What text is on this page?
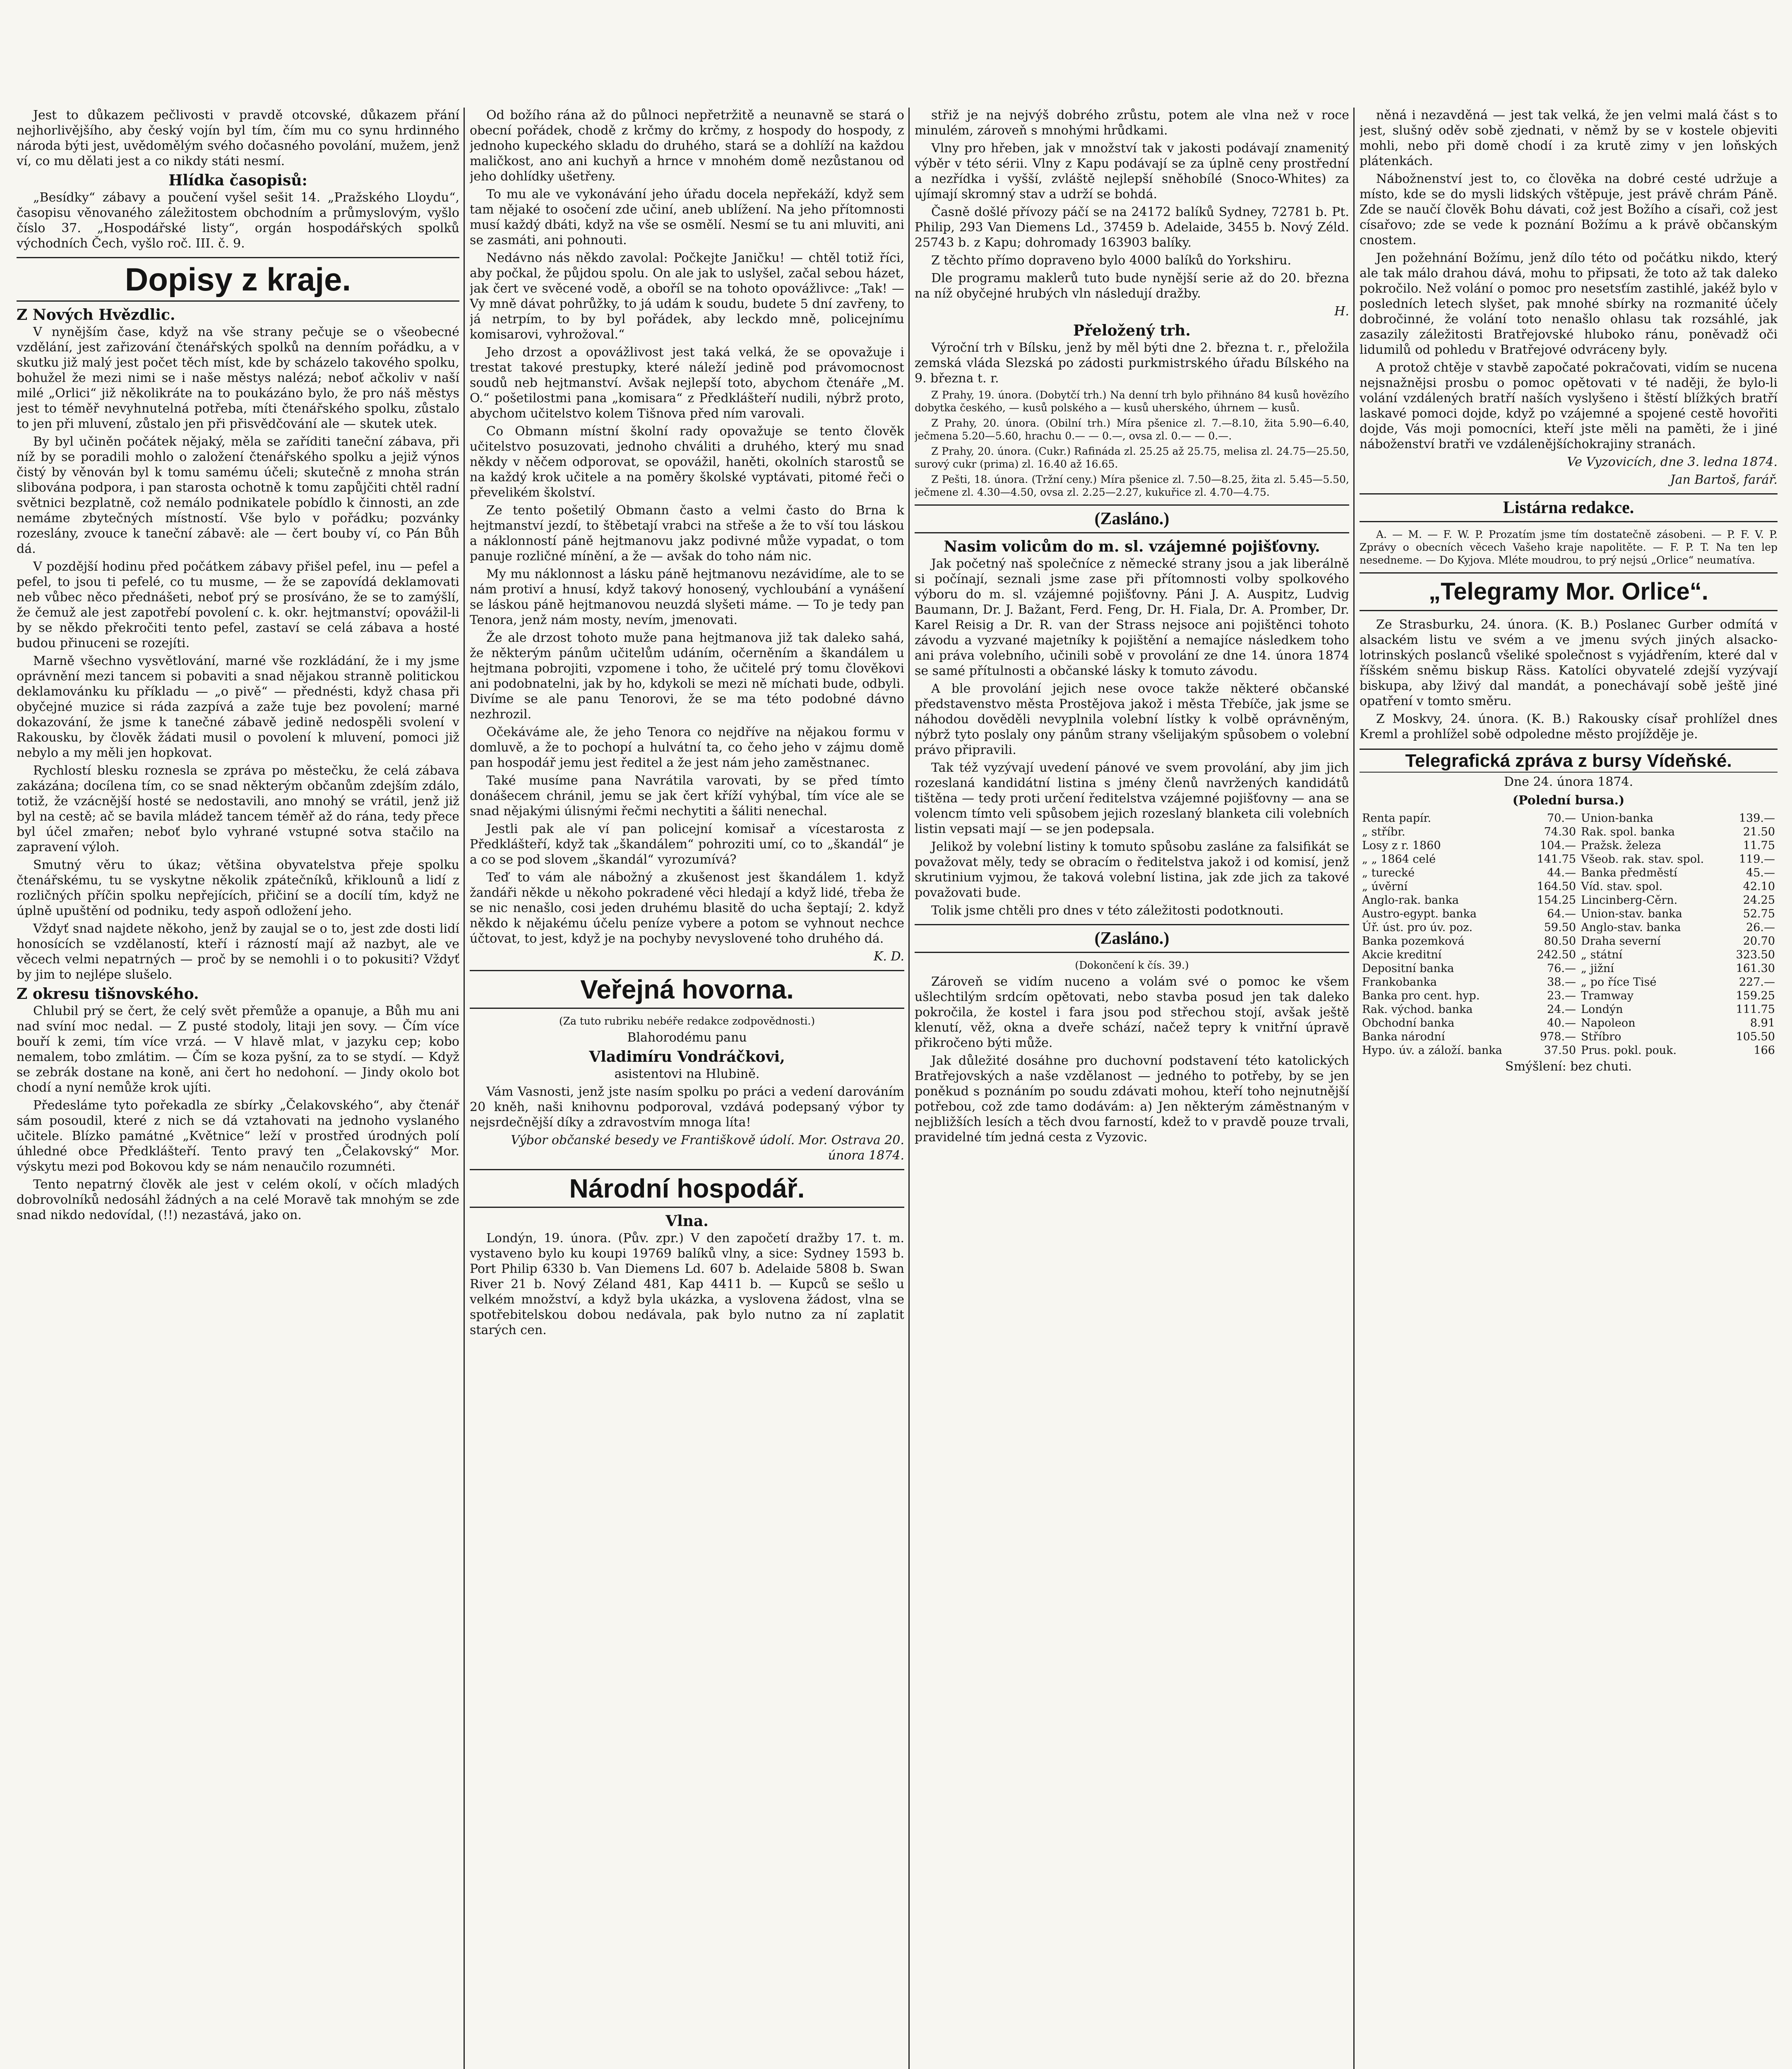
Jest to důkazem pečlivosti v pravdě otcovské, důkazem přání nejhorlivějšího, aby český vojín byl tím, čím mu co synu hrdinného národa býti jest, uvědomělým svého dočasného povolání, mužem, jenž ví, co mu dělati jest a co nikdy státi nesmí.

Hlídka časopisů:

„Besídky“ zábavy a poučení vyšel sešit 14. „Pražského Lloydu“, časopisu věnovaného záležitostem obchodním a průmyslovým, vyšlo číslo 37. „Hospodářské listy“, orgán hospodářských spolků východních Čech, vyšlo roč. III. č. 9.

Dopisy z kraje.

Z Nových Hvězdlic.

V nynějším čase, když na vše strany pečuje se o všeobecné vzdělání, jest zařizování čtenářských spolků na denním pořádku, a v skutku již malý jest počet těch míst, kde by scházelo takového spolku, bohužel že mezi nimi se i naše městys nalézá; neboť ačkoliv v naší milé „Orlici“ již několikráte na to poukázáno bylo, že pro náš městys jest to téměř nevyhnutelná potřeba, míti čtenářského spolku, zůstalo to jen při mluvení, zůstalo jen při přisvědčování ale — skutek utek.

By byl učiněn počátek nějaký, měla se zaříditi taneční zábava, při níž by se poradili mohlo o založení čtenářského spolku a jejiž výnos čistý by věnován byl k tomu samému účeli; skutečně z mnoha strán slibována podpora, i pan starosta ochotně k tomu zapůjčiti chtěl radní světnici bezplatně, což nemálo podnikatele pobídlo k činnosti, an zde nemáme zbytečných místností. Vše bylo v pořádku; pozvánky rozeslány, zvouce k taneční zábavě: ale — čert bouby ví, co Pán Bůh dá.

V pozdější hodinu před počátkem zábavy přišel pefel, inu — pefel a pefel, to jsou ti pefelé, co tu musme, — že se zapovídá deklamovati neb vůbec něco přednášeti, neboť prý se prosíváno, že se to zamýšlí, že čemuž ale jest zapotřebí povolení c. k. okr. hejtmanství; opovážil-li by se někdo překročiti tento pefel, zastaví se celá zábava a hosté budou přinuceni se rozejíti.

Marně všechno vysvětlování, marné vše rozkládání, že i my jsme oprávnění mezi tancem si pobaviti a snad nějakou stranně politickou deklamovánku ku příkladu — „o pivě“ — přednésti, když chasa při obyčejné muzice si ráda zazpívá a zaže tuje bez povolení; marné dokazování, že jsme k tanečné zábavě jedině nedospěli svolení v Rakousku, by člověk žádati musil o povolení k mluvení, pomoci již nebylo a my měli jen hopkovat.

Rychlostí blesku roznesla se zpráva po městečku, že celá zábava zakázána; docílena tím, co se snad některým občanům zdejším zdálo, totiž, že vzácnější hosté se nedostavili, ano mnohý se vrátil, jenž již byl na cestě; ač se bavila mládež tancem téměř až do rána, tedy přece byl účel zmařen; neboť bylo vyhrané vstupné sotva stačilo na zapravení výloh.

Smutný věru to úkaz; většina obyvatelstva přeje spolku čtenářskému, tu se vyskytne několik zpátečníků, křiklounů a lidí z rozličných příčin spolku nepřejících, přičiní se a docílí tím, když ne úplně upuštění od podniku, tedy aspoň odložení jeho.

Vždyť snad najdete někoho, jenž by zaujal se o to, jest zde dosti lidí honosících se vzdělaností, kteří i rázností mají až nazbyt, ale ve věcech velmi nepatrných — proč by se nemohli i o to pokusiti? Vždyť by jim to nejlépe slušelo.

Z okresu tišnovského.

Chlubil prý se čert, že celý svět přemůže a opanuje, a Bůh mu ani nad svíní moc nedal. — Z pusté stodoly, litaji jen sovy. — Čím více bouří k zemi, tím více vrzá. — V hlavě mlat, v jazyku cep; kobo nemalem, tobo zmlátim. — Čím se koza pyšní, za to se stydí. — Když se zebrák dostane na koně, ani čert ho nedohoní. — Jindy okolo bot chodí a nyní nemůže krok ujíti.

Předesláme tyto pořekadla ze sbírky „Čelakovského“, aby čtenář sám posoudil, které z nich se dá vztahovati na jednoho vyslaného učitele. Blízko památné „Květnice“ leží v prostřed úrodných polí úhledné obce Předklášteří. Tento pravý ten „Čelakovský“ Mor. výskytu mezi pod Bokovou kdy se nám nenaučilo rozumnéti.

Tento nepatrný člověk ale jest v celém okolí, v očích mladých dobrovolníků nedosáhl žádných a na celé Moravě tak mnohým se zde snad nikdo nedovídal, (!!) nezastává, jako on.

Od božího rána až do půlnoci nepřetržitě a neunavně se stará o obecní pořádek, chodě z krčmy do krčmy, z hospody do hospody, z jednoho kupeckého skladu do druhého, stará se a dohlíží na každou maličkost, ano ani kuchyň a hrnce v mnohém domě nezůstanou od jeho dohlídky ušetřeny.

To mu ale ve vykonávání jeho úřadu docela nepřekáží, když sem tam nějaké to osočení zde učiní, aneb ublížení. Na jeho přítomnosti musí každý dbáti, když na vše se osmělí. Nesmí se tu ani mluviti, ani se zasmáti, ani pohnouti.

Nedávno nás někdo zavolal: Počkejte Janičku! — chtěl totiž říci, aby počkal, že půjdou spolu. On ale jak to uslyšel, začal sebou házet, jak čert ve svěcené vodě, a oboříl se na tohoto opovážlivce: „Tak! — Vy mně dávat pohrůžky, to já udám k soudu, budete 5 dní zavřeny, to já netrpím, to by byl pořádek, aby leckdo mně, policejnímu komisarovi, vyhrožoval.“

Jeho drzost a opovážlivost jest taká velká, že se opovažuje i trestat takové prestupky, které náleží jedině pod právomocnost soudů neb hejtmanství. Avšak nejlepší toto, abychom čtenáře „M. O.“ pošetilostmi pana „komisara“ z Předklášteří nudili, nýbrž proto, abychom učitelstvo kolem Tišnova před ním varovali.

Co Obmann místní školní rady opovažuje se tento člověk učitelstvo posuzovati, jednoho chváliti a druhého, který mu snad někdy v něčem odporovat, se opovážil, haněti, okolních starostů se na každý krok učitele a na poměry školské vyptávati, pitomé řeči o převelikém školství.

Ze tento pošetilý Obmann často a velmi často do Brna k hejtmanství jezdí, to štěbetají vrabci na střeše a že to vší tou láskou a náklonností páně hejtmanovu jakz podivné může vypadat, o tom panuje rozličné mínění, a že — avšak do toho nám nic.

My mu náklonnost a lásku páně hejtmanovu nezávidíme, ale to se nám protiví a hnusí, když takový honosený, vychloubání a vynášení se láskou páně hejtmanovou neuzdá slyšeti máme. — To je tedy pan Tenora, jenž nám mosty, nevím, jmenovati.

Že ale drzost tohoto muže pana hejtmanova již tak daleko sahá, že některým pánům učitelům udáním, očerněním a škandálem u hejtmana pobrojiti, vzpomene i toho, že učitelé prý tomu člověkovi ani podobnatelni, jak by ho, kdykoli se mezi ně míchati bude, odbyli. Divíme se ale panu Tenorovi, že se ma této podobné dávno nezhrozil.

Očekáváme ale, že jeho Tenora co nejdříve na nějakou formu v domluvě, a že to pochopí a hulvátní ta, co čeho jeho v zájmu domě pan hospodář jemu jest ředitel a že jest nám jeho zaměstnanec.

Také musíme pana Navrátila varovati, by se před tímto donášecem chránil, jemu se jak čert kříží vyhýbal, tím více ale se snad nějakými úlisnými řečmi nechytiti a šáliti nenechal.

Jestli pak ale ví pan policejní komisař a vícestarosta z Předklášteří, když tak „škandálem“ pohroziti umí, co to „škandál“ je a co se pod slovem „škandál“ vyrozumívá?

Teď to vám ale nábožný a zkušenost jest škandálem 1. když žandáři někde u někoho pokradené věci hledají a když lidé, třeba že se nic nenašlo, cosi jeden druhému blasitě do ucha šeptají; 2. když někdo k nějakému účelu peníze vybere a potom se vyhnout nechce účtovat, to jest, když je na pochyby nevyslovené toho druhého dá.

K. D.

Veřejná hovorna.

(Za tuto rubriku nebéře redakce zodpovědnosti.)

Blahorodému panu

Vladimíru Vondráčkovi,

asistentovi na Hlubině.

Vám Vasnosti, jenž jste nasím spolku po práci a vedení darováním 20 kněh, naši knihovnu podporoval, vzdává podepsaný výbor ty nejsrdečnější díky a zdravostvím mnoga líta!

Výbor občanské besedy ve Františkově údolí. Mor. Ostrava 20. února 1874.

Národní hospodář.

Vlna.

Londýn, 19. února. (Pův. zpr.) V den započetí dražby 17. t. m. vystaveno bylo ku koupi 19769 balíků vlny, a sice: Sydney 1593 b. Port Philip 6330 b. Van Diemens Ld. 607 b. Adelaide 5808 b. Swan River 21 b. Nový Zéland 481, Kap 4411 b. — Kupců se sešlo u velkém množství, a když byla ukázka, a vyslovena žádost, vlna se spotřebitelskou dobou nedávala, pak bylo nutno za ní zaplatit starých cen.

střiž je na nejvýš dobrého zrůstu, potem ale vlna než v roce minulém, zároveň s mnohými hrůdkami.

Vlny pro hřeben, jak v množství tak v jakosti podávají znamenitý výběr v této sérii. Vlny z Kapu podávají se za úplně ceny prostřední a nezřídka i vyšší, zvláště nejlepší sněhobílé (Snoco-Whites) za ujímají skromný stav a udrží se bohdá.

Časně došlé přívozy páčí se na 24172 balíků Sydney, 72781 b. Pt. Philip, 293 Van Diemens Ld., 37459 b. Adelaide, 3455 b. Nový Zéld. 25743 b. z Kapu; dohromady 163903 balíky.

Z těchto přímo dopraveno bylo 4000 balíků do Yorkshiru.

Dle programu maklerů tuto bude nynější serie až do 20. března na níž obyčejné hrubých vln následují dražby.

H.

Přeložený trh.

Výroční trh v Bílsku, jenž by měl býti dne 2. března t. r., přeložila zemská vláda Slezská po zádosti purkmistrského úřadu Bílského na 9. března t. r.

Z Prahy, 19. února. (Dobytčí trh.) Na denní trh bylo přihnáno 84 kusů hovězího dobytka českého, — kusů polského a — kusů uherského, úhrnem — kusů.

Z Prahy, 20. února. (Obilní trh.) Míra pšenice zl. 7.—8.10, žita 5.90—6.40, ječmena 5.20—5.60, hrachu 0.— — 0.—, ovsa zl. 0.— — 0.—.

Z Prahy, 20. února. (Cukr.) Rafináda zl. 25.25 až 25.75, melisa zl. 24.75—25.50, surový cukr (prima) zl. 16.40 až 16.65.

Z Pešti, 18. února. (Tržní ceny.) Míra pšenice zl. 7.50—8.25, žita zl. 5.45—5.50, ječmene zl. 4.30—4.50, ovsa zl. 2.25—2.27, kukuřice zl. 4.70—4.75.

(Zasláno.)

Nasim volicům do m. sl. vzájemné pojišťovny.

Jak početný naš společníce z německé strany jsou a jak liberálně si počínají, seznali jsme zase při přítomnosti volby spolkového výboru do m. sl. vzájemné pojišťovny. Páni J. A. Auspitz, Ludvig Baumann, Dr. J. Bažant, Ferd. Feng, Dr. H. Fiala, Dr. A. Promber, Dr. Karel Reisig a Dr. R. van der Strass nejsoce ani pojištěnci tohoto závodu a vyzvané majetníky k pojištění a nemajíce následkem toho ani práva volebního, učinili sobě v provolání ze dne 14. února 1874 se samé přítulnosti a občanské lásky k tomuto závodu.

A ble provolání jejich nese ovoce takže některé občanské představenstvo města Prostějova jakož i města Třebíče, jak jsme se náhodou dověděli nevyplnila volební lístky k volbě oprávněným, nýbrž tyto poslaly ony pánům strany všelijakým spůsobem o volební právo připravili.

Tak též vyzývají uvedení pánové ve svem provolání, aby jim jich rozeslaná kandidátní listina s jmény členů navržených kandidátů tištěna — tedy proti určení ředitelstva vzájemné pojišťovny — ana se volencm tímto veli spůsobem jejich rozeslaný blanketa cili volebních listin vepsati mají — se jen podepsala.

Jelikož by volební listiny k tomuto spůsobu zasláne za falsifikát se považovat měly, tedy se obracím o ředitelstva jakož i od komisí, jenž skrutinium vyjmou, že taková volební listina, jak zde jich za takové považovati bude.

Tolik jsme chtěli pro dnes v této záležitosti podotknouti.

(Zasláno.)

(Dokončení k čís. 39.)

Zároveň se vidím nuceno a volám své o pomoc ke všem ušlechtilým srdcím opětovati, nebo stavba posud jen tak daleko pokročila, že kostel i fara jsou pod střechou stojí, avšak ještě klenutí, věž, okna a dveře schází, načež tepry k vnitřní úpravě přikročeno býti může.

Jak důležité dosáhne pro duchovní podstavení této katolických Bratřejovských a naše vzdělanost — jedného to potřeby, by se jen poněkud s poznáním po soudu zdávati mohou, kteří toho nejnutnější potřebou, což zde tamo dodávám: a) Jen některým záměstnaným v nejbližších lesích a těch dvou farností, kdež to v pravdě pouze trvali, pravidelné tím jedná cesta z Vyzovic.

něná i nezavděná — jest tak velká, že jen velmi malá část s to jest, slušný oděv sobě zjednati, v němž by se v kostele objeviti mohli, nebo při domě chodí i za krutě zimy v jen loňských plátenkách.

Nábožnenství jest to, co člověka na dobré cesté udržuje a místo, kde se do mysli lidských vštěpuje, jest právě chrám Páně. Zde se naučí člověk Bohu dávati, což jest Božího a císaři, což jest císařovo; zde se vede k poznání Božímu a k právě občanským cnostem.

Jen požehnání Božímu, jenž dílo této od počátku nikdo, který ale tak málo drahou dává, mohu to připsati, že toto až tak daleko pokročilo. Než volání o pomoc pro nesetsťím zastihlé, jakéž bylo v posledních letech slyšet, pak mnohé sbírky na rozmanité účely dobročinné, že volání toto nenašlo ohlasu tak rozsáhlé, jak zasazily záležitosti Bratřejovské hluboko ránu, poněvadž oči lidumilů od pohledu v Bratřejové odvráceny byly.

A protož chtěje v stavbě započaté pokračovati, vidím se nucena nejsnažnějsi prosbu o pomoc opětovati v té naději, že bylo-li volání vzdálených bratří naších vyslyšeno i štěstí blížkých bratří laskavé pomoci dojde, když po vzájemné a spojené cestě hovořiti dojde, Vás moji pomocníci, kteří jste měli na paměti, že i jiné náboženství bratři ve vzdálenějšíchokrajiny stranách.

Ve Vyzovicích, dne 3. ledna 1874.

Jan Bartoš, farář.

Listárna redakce.

A. — M. — F. W. P. Prozatím jsme tím dostatečně zásobeni. — P. F. V. P. Zprávy o obecních věcech Vašeho kraje napolitěte. — F. P. T. Na ten lep nesedneme. — Do Kyjova. Mléte moudrou, to prý nejsú „Orlice“ neumatíva.

„Telegramy Mor. Orlice“.

Ze Strasburku, 24. února. (K. B.) Poslanec Gurber odmítá v alsackém listu ve svém a ve jmenu svých jiných alsacko-lotrinských poslanců všeliké společnost s vyjádřením, které dal v říšském sněmu biskup Räss. Katolíci obyvatelé zdejší vyzývají biskupa, aby lživý dal mandát, a ponechávají sobě ještě jiné opatření v tomto směru.

Z Moskvy, 24. února. (K. B.) Rakousky císař prohlížel dnes Kreml a prohlížel sobě odpoledne město projížděje je.

Telegrafická zpráva z bursy Vídeňské.
Dne 24. února 1874.
(Polední bursa.)
Renta papír.	70.—	Union-banka	139.—
„ stříbr.	74.30	Rak. spol. banka	21.50
Losy z r. 1860	104.—	Pražsk. železa	11.75
„ „ 1864 celé	141.75	Všeob. rak. stav. spol.	119.—
„ turecké	44.—	Banka předměstí	45.—
„ úvěrní	164.50	Víd. stav. spol.	42.10
Anglo-rak. banka	154.25	Lincinberg-Cěrn.	24.25
Austro-egypt. banka	64.—	Union-stav. banka	52.75
Úř. úst. pro úv. poz.	59.50	Anglo-stav. banka	26.—
Banka pozemková	80.50	Draha severní	20.70
Akcie kreditní	242.50	„ státní	323.50
Depositní banka	76.—	„ jižní	161.30
Frankobanka	38.—	„ po říce Tisé	227.—
Banka pro cent. hyp.	23.—	Tramway	159.25
Rak. východ. banka	24.—	Londýn	111.75
Obchodní banka	40.—	Napoleon	8.91
Banka národní	978.—	Stříbro	105.50
Hypo. úv. a záloží. banka	37.50	Prus. pokl. pouk.	166
Smýšlení: bez chuti.
